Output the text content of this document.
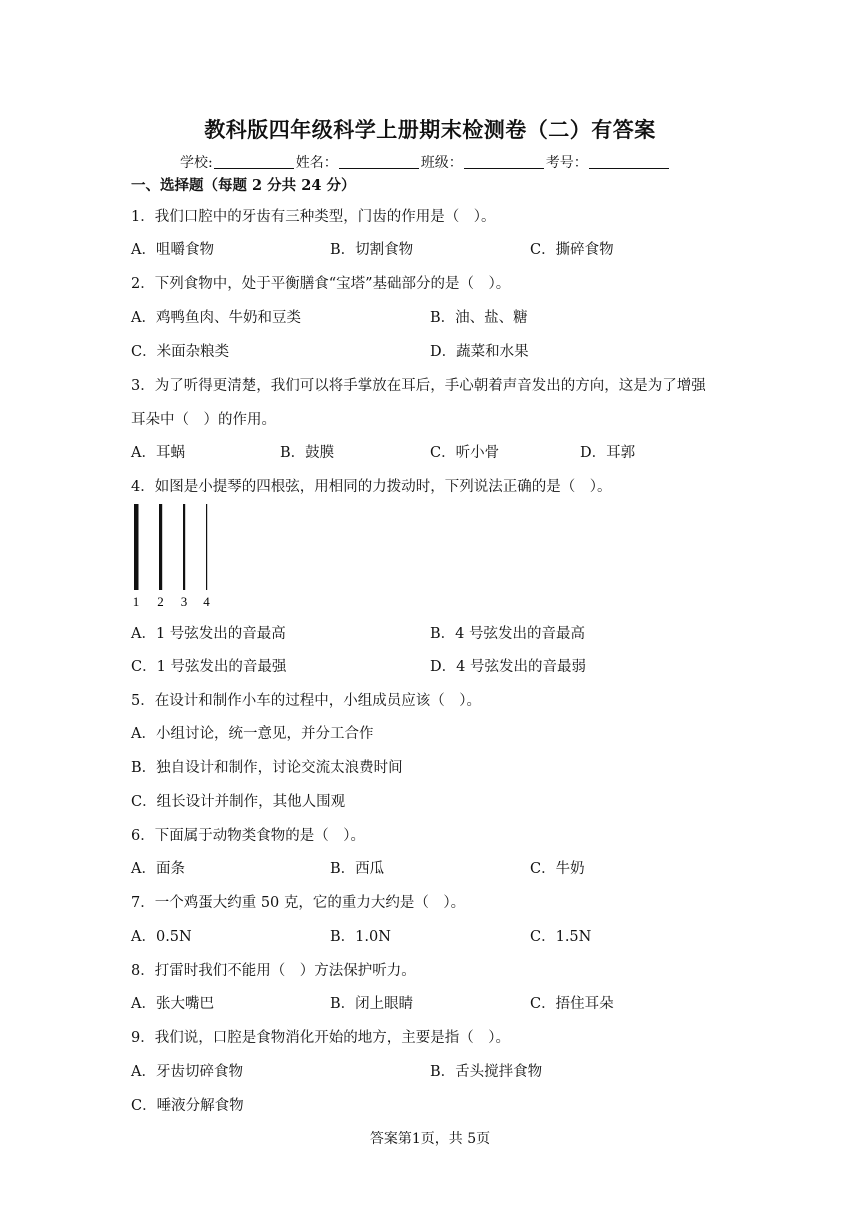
教科版四年级科学上册期末检测卷（二）有答案
学校:	姓名：	班级：	考号：
一、选择题（每题 2 分共 24 分）
1．我们口腔中的牙齿有三种类型，门齿的作用是（　）。
A．咀嚼食物	B．切割食物	C．撕碎食物
2．下列食物中，处于平衡膳食“宝塔”基础部分的是（　）。
A．鸡鸭鱼肉、牛奶和豆类	B．油、盐、糖
C．米面杂粮类	D．蔬菜和水果
3．为了听得更清楚，我们可以将手掌放在耳后，手心朝着声音发出的方向，这是为了增强
耳朵中（　）的作用。
A．耳蜗	B．鼓膜	C．听小骨	D．耳郭
4．如图是小提琴的四根弦，用相同的力拨动时，下列说法正确的是（　）。
1 2 3 4
A．1 号弦发出的音最高	B．4 号弦发出的音最高
C．1 号弦发出的音最强	D．4 号弦发出的音最弱
5．在设计和制作小车的过程中，小组成员应该（　）。
A．小组讨论，统一意见，并分工合作
B．独自设计和制作，讨论交流太浪费时间
C．组长设计并制作，其他人围观
6．下面属于动物类食物的是（　）。
A．面条	B．西瓜	C．牛奶
7．一个鸡蛋大约重 50 克，它的重力大约是（　）。
A．0.5N	B．1.0N	C．1.5N
8．打雷时我们不能用（　）方法保护听力。
A．张大嘴巴	B．闭上眼睛	C．捂住耳朵
9．我们说，口腔是食物消化开始的地方，主要是指（　）。
A．牙齿切碎食物	B．舌头搅拌食物
C．唾液分解食物
答案第1页，共 5页
